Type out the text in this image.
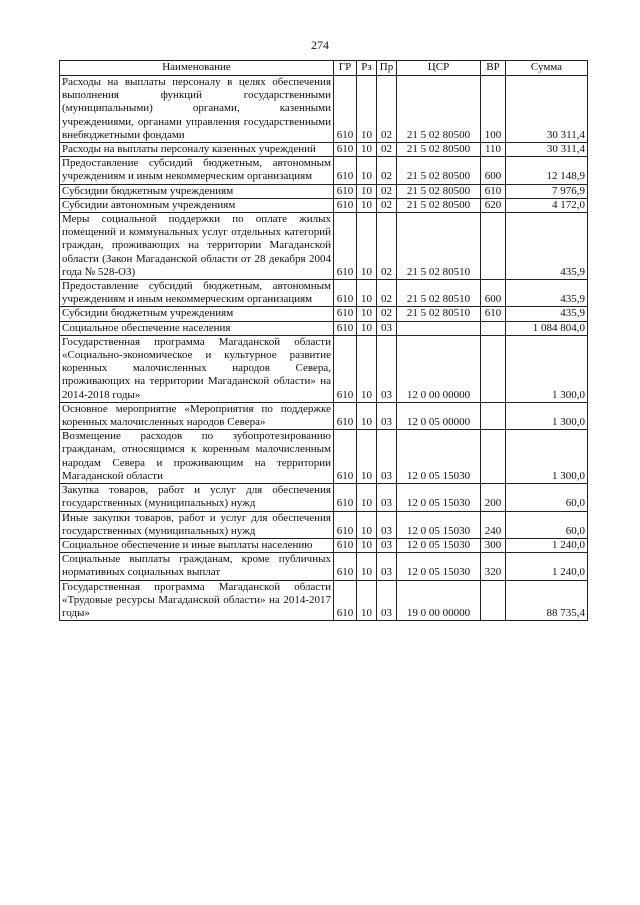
274
Наименование	ГР	Рз	Пр	ЦСР	ВР	Сумма
Расходы на выплаты персоналу в целях обеспечения выполнения функций государственными (муниципальными) органами, казенными учреждениями, органами управления государственными внебюджетными фондами	610	10	02	21 5 02 80500	100	30 311,4
Расходы на выплаты персоналу казенных учреждений	610	10	02	21 5 02 80500	110	30 311,4
Предоставление субсидий бюджетным, автономным учреждениям и иным некоммерческим организациям	610	10	02	21 5 02 80500	600	12 148,9
Субсидии бюджетным учреждениям	610	10	02	21 5 02 80500	610	7 976,9
Субсидии автономным учреждениям	610	10	02	21 5 02 80500	620	4 172,0
Меры социальной поддержки по оплате жилых помещений и коммунальных услуг отдельных категорий граждан, проживающих на территории Магаданской области (Закон Магаданской области от 28 декабря 2004 года № 528-ОЗ)	610	10	02	21 5 02 80510		435,9
Предоставление субсидий бюджетным, автономным учреждениям и иным некоммерческим организациям	610	10	02	21 5 02 80510	600	435,9
Субсидии бюджетным учреждениям	610	10	02	21 5 02 80510	610	435,9
Социальное обеспечение населения	610	10	03			1 084 804,0
Государственная программа Магаданской области «Социально-экономическое и культурное развитие коренных малочисленных народов Севера, проживающих на территории Магаданской области» на 2014-2018 годы»	610	10	03	12 0 00 00000		1 300,0
Основное мероприятие «Мероприятия по поддержке коренных малочисленных народов Севера»	610	10	03	12 0 05 00000		1 300,0
Возмещение расходов по зубопротезированию гражданам, относящимся к коренным малочисленным народам Севера и проживающим на территории Магаданской области	610	10	03	12 0 05 15030		1 300,0
Закупка товаров, работ и услуг для обеспечения государственных (муниципальных) нужд	610	10	03	12 0 05 15030	200	60,0
Иные закупки товаров, работ и услуг для обеспечения государственных (муниципальных) нужд	610	10	03	12 0 05 15030	240	60,0
Социальное обеспечение и иные выплаты населению	610	10	03	12 0 05 15030	300	1 240,0
Социальные выплаты гражданам, кроме публичных нормативных социальных выплат	610	10	03	12 0 05 15030	320	1 240,0
Государственная программа Магаданской области «Трудовые ресурсы Магаданской области» на 2014-2017 годы»	610	10	03	19 0 00 00000		88 735,4
